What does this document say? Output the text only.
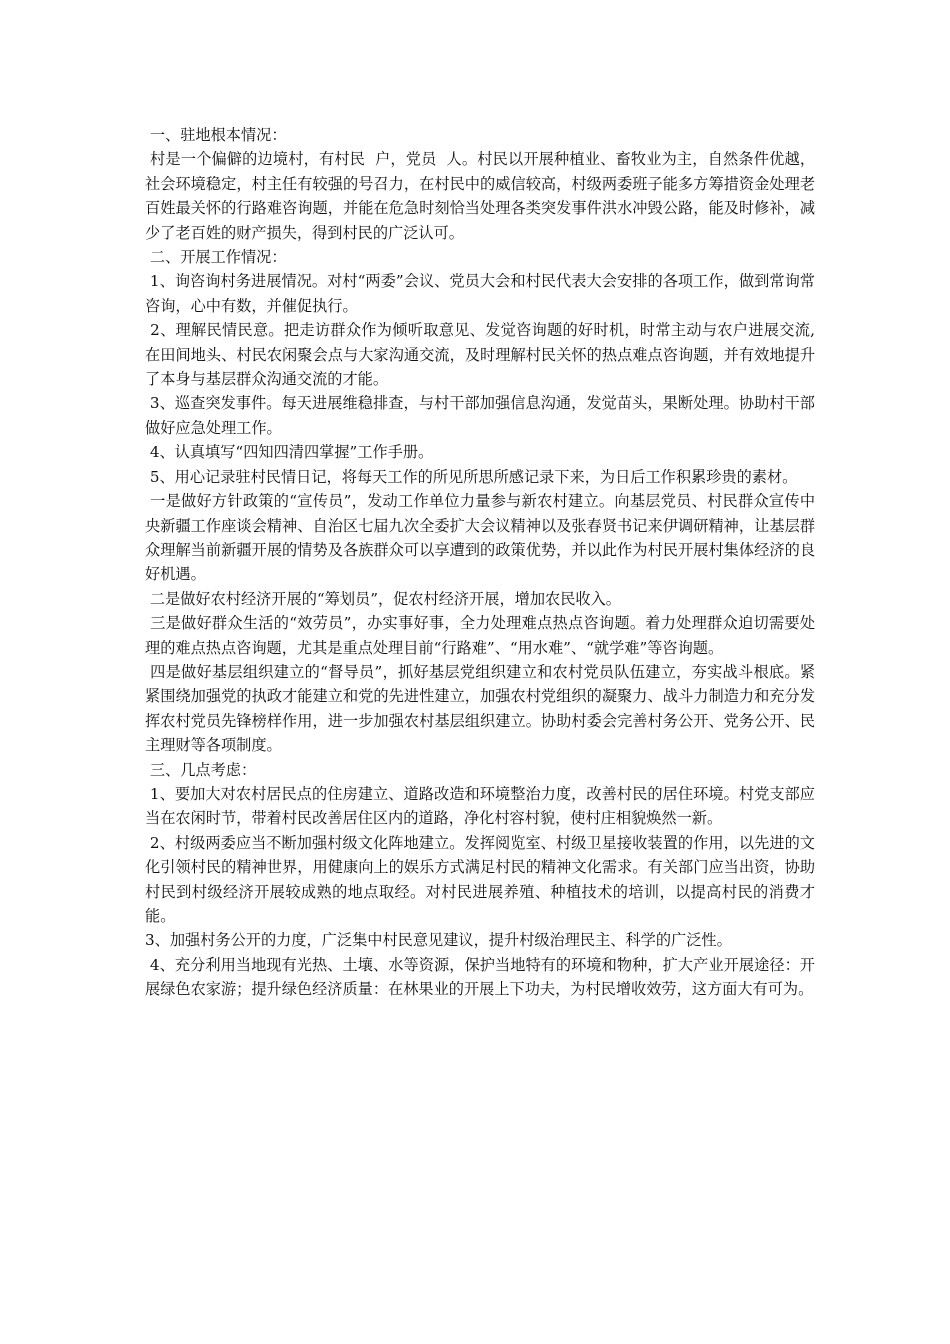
一、驻地根本情况：

村是一个偏僻的边境村，有村民  户，党员  人。村民以开展种植业、畜牧业为主，自然条件优越，社会环境稳定，村主任有较强的号召力，在村民中的威信较高，村级两委班子能多方筹措资金处理老百姓最关怀的行路难咨询题，并能在危急时刻恰当处理各类突发事件洪水冲毁公路，能及时修补，减少了老百姓的财产损失，得到村民的广泛认可。

二、开展工作情况：

1、询咨询村务进展情况。对村“两委”会议、党员大会和村民代表大会安排的各项工作，做到常询常咨询，心中有数，并催促执行。

2、理解民情民意。把走访群众作为倾听取意见、发觉咨询题的好时机，时常主动与农户进展交流,在田间地头、村民农闲聚会点与大家沟通交流，及时理解村民关怀的热点难点咨询题，并有效地提升了本身与基层群众沟通交流的才能。

3、巡查突发事件。每天进展维稳排查，与村干部加强信息沟通，发觉苗头，果断处理。协助村干部做好应急处理工作。

4、认真填写“四知四清四掌握”工作手册。

5、用心记录驻村民情日记，将每天工作的所见所思所感记录下来，为日后工作积累珍贵的素材。

一是做好方针政策的“宣传员”，发动工作单位力量参与新农村建立。向基层党员、村民群众宣传中央新疆工作座谈会精神、自治区七届九次全委扩大会议精神以及张春贤书记来伊调研精神，让基层群众理解当前新疆开展的情势及各族群众可以享遭到的政策优势，并以此作为村民开展村集体经济的良好机遇。

二是做好农村经济开展的“筹划员”，促农村经济开展，增加农民收入。

三是做好群众生活的“效劳员”，办实事好事，全力处理难点热点咨询题。着力处理群众迫切需要处理的难点热点咨询题，尤其是重点处理目前“行路难”、“用水难”、“就学难”等咨询题。

四是做好基层组织建立的“督导员”，抓好基层党组织建立和农村党员队伍建立，夯实战斗根底。紧紧围绕加强党的执政才能建立和党的先进性建立，加强农村党组织的凝聚力、战斗力制造力和充分发挥农村党员先锋榜样作用，进一步加强农村基层组织建立。协助村委会完善村务公开、党务公开、民主理财等各项制度。

三、几点考虑：

1、要加大对农村居民点的住房建立、道路改造和环境整治力度，改善村民的居住环境。村党支部应当在农闲时节，带着村民改善居住区内的道路，净化村容村貌，使村庄相貌焕然一新。

2、村级两委应当不断加强村级文化阵地建立。发挥阅览室、村级卫星接收装置的作用，以先进的文化引领村民的精神世界，用健康向上的娱乐方式满足村民的精神文化需求。有关部门应当出资，协助村民到村级经济开展较成熟的地点取经。对村民进展养殖、种植技术的培训，以提高村民的消费才能。

3、加强村务公开的力度，广泛集中村民意见建议，提升村级治理民主、科学的广泛性。

4、充分利用当地现有光热、土壤、水等资源，保护当地特有的环境和物种，扩大产业开展途径：开展绿色农家游；提升绿色经济质量：在林果业的开展上下功夫，为村民增收效劳，这方面大有可为。
